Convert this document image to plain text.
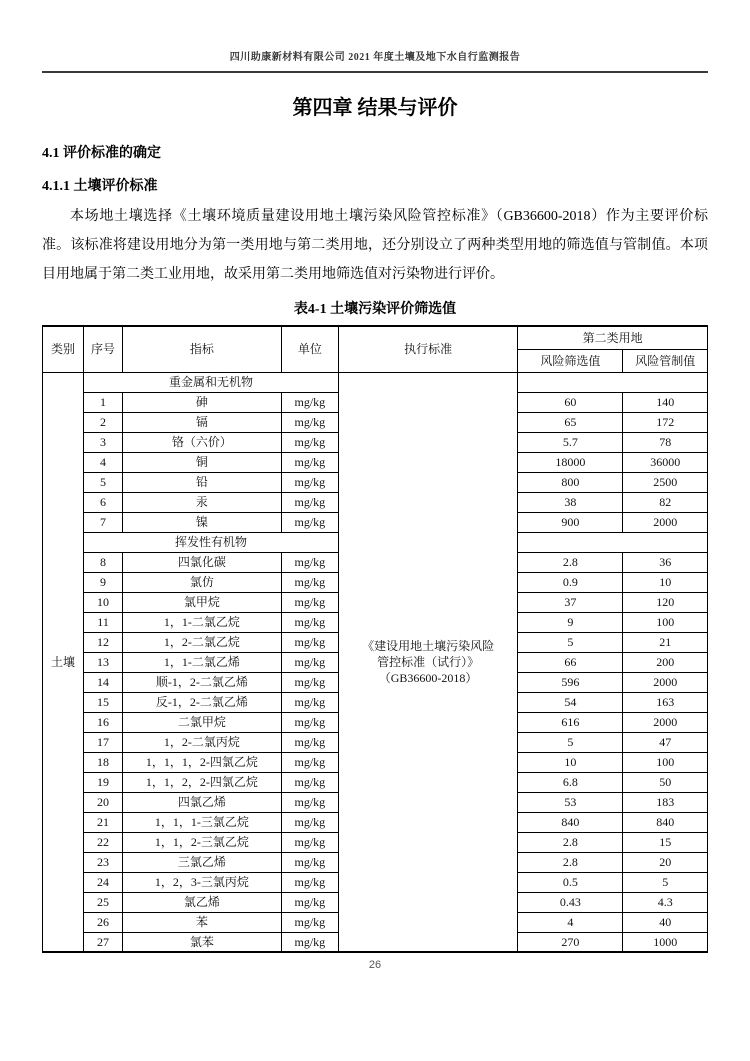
四川助康新材料有限公司 2021 年度土壤及地下水自行监测报告
第四章 结果与评价
4.1 评价标准的确定
4.1.1 土壤评价标准
本场地土壤选择《土壤环境质量建设用地土壤污染风险管控标准》（GB36600-2018）作为主要评价标准。该标准将建设用地分为第一类用地与第二类用地，还分别设立了两种类型用地的筛选值与管制值。本项目用地属于第二类工业用地，故采用第二类用地筛选值对污染物进行评价。
表4-1 土壤污染评价筛选值
类别	序号	指标	单位	执行标准	第二类用地	
					风险筛选值	风险管制值
土壤	重金属和无机物			《建设用地土壤污染风险
管控标准（试行）》
（GB36600-2018）		

	1	砷	mg/kg		60	140
	2	镉	mg/kg		65	172
	3	铬（六价）	mg/kg		5.7	78
	4	铜	mg/kg		18000	36000
	5	铅	mg/kg		800	2500
	6	汞	mg/kg		38	82
	7	镍	mg/kg		900	2000
	挥发性有机物					
	8	四氯化碳	mg/kg		2.8	36
	9	氯仿	mg/kg		0.9	10
	10	氯甲烷	mg/kg		37	120
	11	1，1-二氯乙烷	mg/kg		9	100
	12	1，2-二氯乙烷	mg/kg		5	21
	13	1，1-二氯乙烯	mg/kg		66	200
	14	顺-1，2-二氯乙烯	mg/kg		596	2000
	15	反-1，2-二氯乙烯	mg/kg		54	163
	16	二氯甲烷	mg/kg		616	2000
	17	1，2-二氯丙烷	mg/kg		5	47
	18	1，1，1，2-四氯乙烷	mg/kg		10	100
	19	1，1，2，2-四氯乙烷	mg/kg		6.8	50
	20	四氯乙烯	mg/kg		53	183
	21	1，1，1-三氯乙烷	mg/kg		840	840
	22	1，1，2-三氯乙烷	mg/kg		2.8	15
	23	三氯乙烯	mg/kg		2.8	20
	24	1，2，3-三氯丙烷	mg/kg		0.5	5
	25	氯乙烯	mg/kg		0.43	4.3
	26	苯	mg/kg		4	40
	27	氯苯	mg/kg		270	1000
26
